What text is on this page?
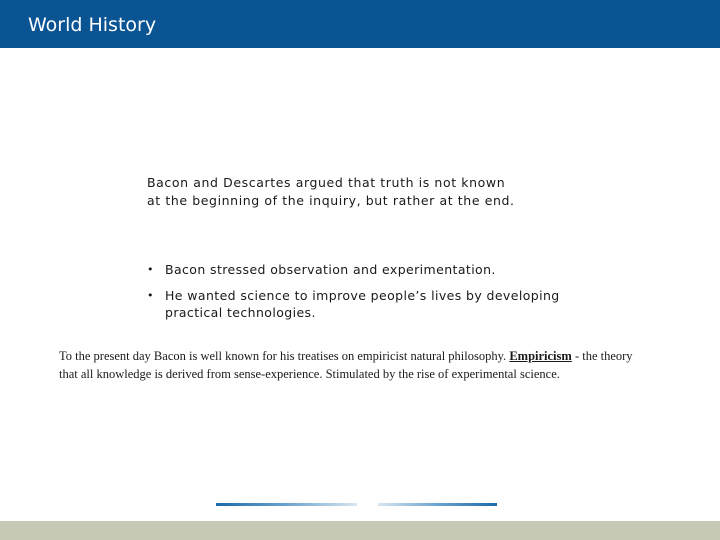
World History
Bacon and Descartes argued that truth is not known
at the beginning of the inquiry, but rather at the end.
• Bacon stressed observation and experimentation.
• He wanted science to improve people’s lives by developing
practical technologies.
To the present day Bacon is well known for his treatises on empiricist natural philosophy. Empiricism - the theory
that all knowledge is derived from sense-experience. Stimulated by the rise of experimental science.
